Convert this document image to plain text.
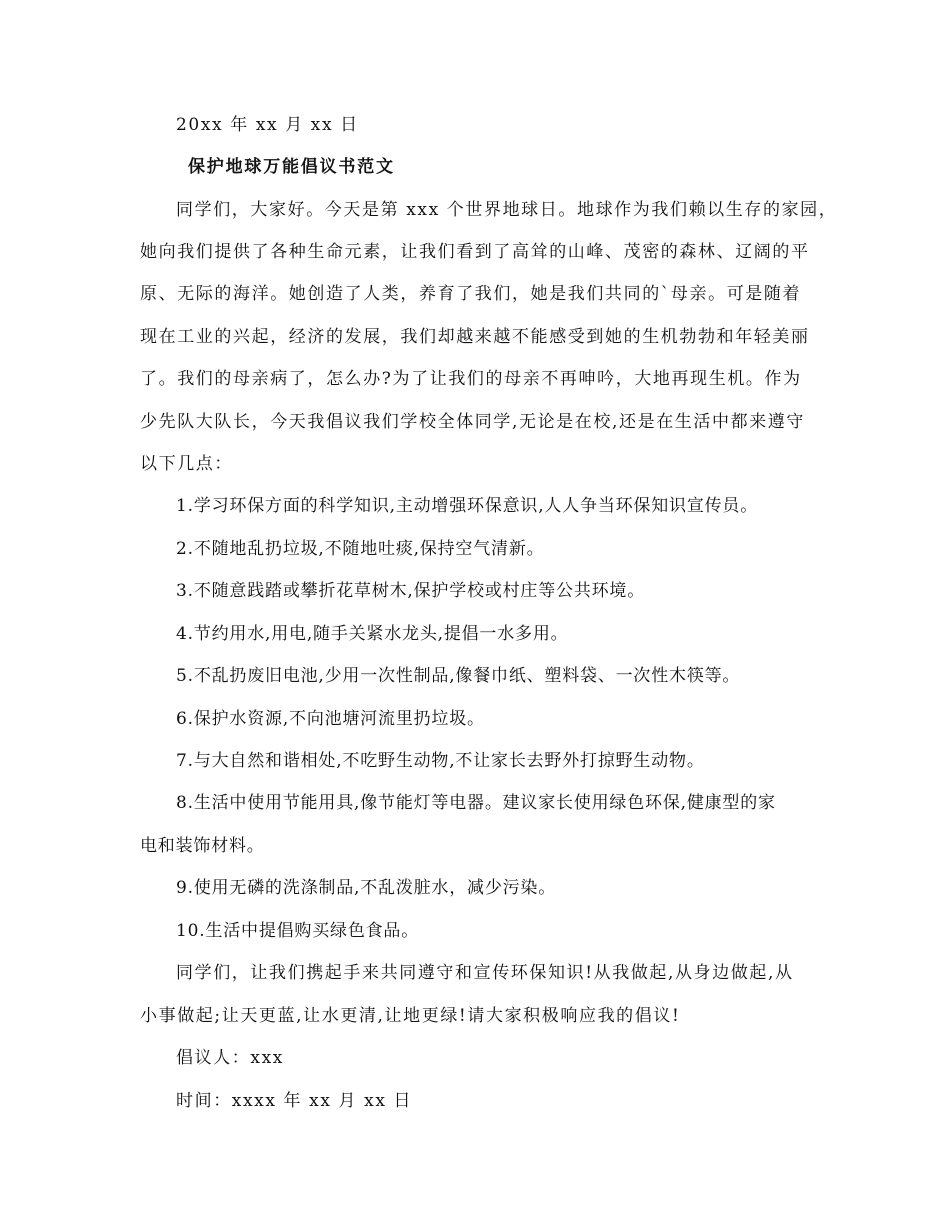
20xx 年 xx 月 xx 日
保护地球万能倡议书范文
同学们，大家好。今天是第 xxx 个世界地球日。地球作为我们赖以生存的家园，
她向我们提供了各种生命元素，让我们看到了高耸的山峰、茂密的森林、辽阔的平
原、无际的海洋。她创造了人类，养育了我们，她是我们共同的`母亲。可是随着
现在工业的兴起，经济的发展，我们却越来越不能感受到她的生机勃勃和年轻美丽
了。我们的母亲病了，怎么办?为了让我们的母亲不再呻吟，大地再现生机。作为
少先队大队长，今天我倡议我们学校全体同学,无论是在校,还是在生活中都来遵守
以下几点：
1.学习环保方面的科学知识,主动增强环保意识,人人争当环保知识宣传员。
2.不随地乱扔垃圾,不随地吐痰,保持空气清新。
3.不随意践踏或攀折花草树木,保护学校或村庄等公共环境。
4.节约用水,用电,随手关紧水龙头,提倡一水多用。
5.不乱扔废旧电池,少用一次性制品,像餐巾纸、塑料袋、一次性木筷等。
6.保护水资源,不向池塘河流里扔垃圾。
7.与大自然和谐相处,不吃野生动物,不让家长去野外打掠野生动物。
8.生活中使用节能用具,像节能灯等电器。建议家长使用绿色环保,健康型的家
电和装饰材料。
9.使用无磷的洗涤制品,不乱泼脏水，减少污染。
10.生活中提倡购买绿色食品。
同学们，让我们携起手来共同遵守和宣传环保知识!从我做起,从身边做起,从
小事做起;让天更蓝,让水更清,让地更绿!请大家积极响应我的倡议!
倡议人：xxx
时间：xxxx 年 xx 月 xx 日
